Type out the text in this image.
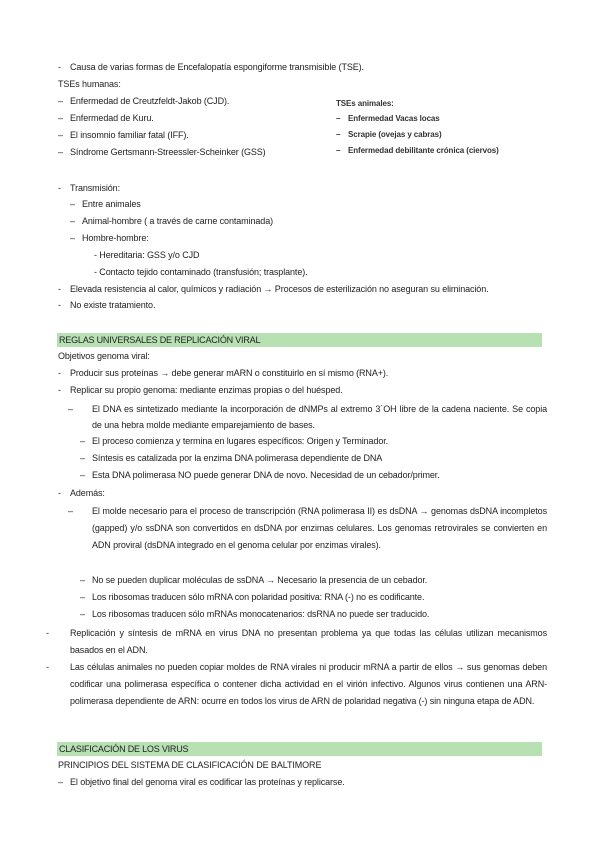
- Causa de varias formas de Encefalopatía espongiforme transmisible (TSE).
TSEs humanas:
– Enfermedad de Creutzfeldt-Jakob (CJD).
– Enfermedad de Kuru.
– El insomnio familiar fatal (IFF).
– Síndrome Gertsmann-Streessler-Scheinker (GSS)
TSEs animales:
– Enfermedad Vacas locas
– Scrapie (ovejas y cabras)
– Enfermedad debilitante crónica (ciervos)
- Transmisión:
– Entre animales
– Animal-hombre ( a través de carne contaminada)
– Hombre-hombre:
- Hereditaria: GSS y/o CJD
- Contacto tejido contaminado (transfusión; trasplante).
- Elevada resistencia al calor, químicos y radiación → Procesos de esterilización no aseguran su eliminación.
- No existe tratamiento.
REGLAS UNIVERSALES DE REPLICACIÓN VIRAL
Objetivos genoma viral:
- Producir sus proteínas → debe generar mARN o constituirlo en sí mismo (RNA+).
- Replicar su propio genoma: mediante enzimas propias o del huésped.
– El DNA es sintetizado mediante la incorporación de dNMPs al extremo 3´OH libre de la cadena naciente. Se copia de una hebra molde mediante emparejamiento de bases.
– El proceso comienza y termina en lugares específicos: Origen y Terminador.
– Síntesis es catalizada por la enzima DNA polimerasa dependiente de DNA
– Esta DNA polimerasa NO puede generar DNA de novo. Necesidad de un cebador/primer.
- Además:
– El molde necesario para el proceso de transcripción (RNA polimerasa II) es dsDNA → genomas dsDNA incompletos (gapped) y/o ssDNA son convertidos en dsDNA por enzimas celulares. Los genomas retrovirales se convierten en ADN proviral (dsDNA integrado en el genoma celular por enzimas virales).
– No se pueden duplicar moléculas de ssDNA → Necesario la presencia de un cebador.
– Los ribosomas traducen sólo mRNA con polaridad positiva: RNA (-) no es codificante.
– Los ribosomas traducen sólo mRNAs monocatenarios: dsRNA no puede ser traducido.
- Replicación y síntesis de mRNA en virus DNA no presentan problema ya que todas las células utilizan mecanismos basados en el ADN.
- Las células animales no pueden copiar moldes de RNA virales ni producir mRNA a partir de ellos → sus genomas deben codificar una polimerasa específica o contener dicha actividad en el virión infectivo. Algunos virus contienen una ARN-polimerasa dependiente de ARN: ocurre en todos los virus de ARN de polaridad negativa (-) sin ninguna etapa de ADN.
CLASIFICACIÓN DE LOS VIRUS
PRINCIPIOS DEL SISTEMA DE CLASIFICACIÓN DE BALTIMORE
– El objetivo final del genoma viral es codificar las proteínas y replicarse.
